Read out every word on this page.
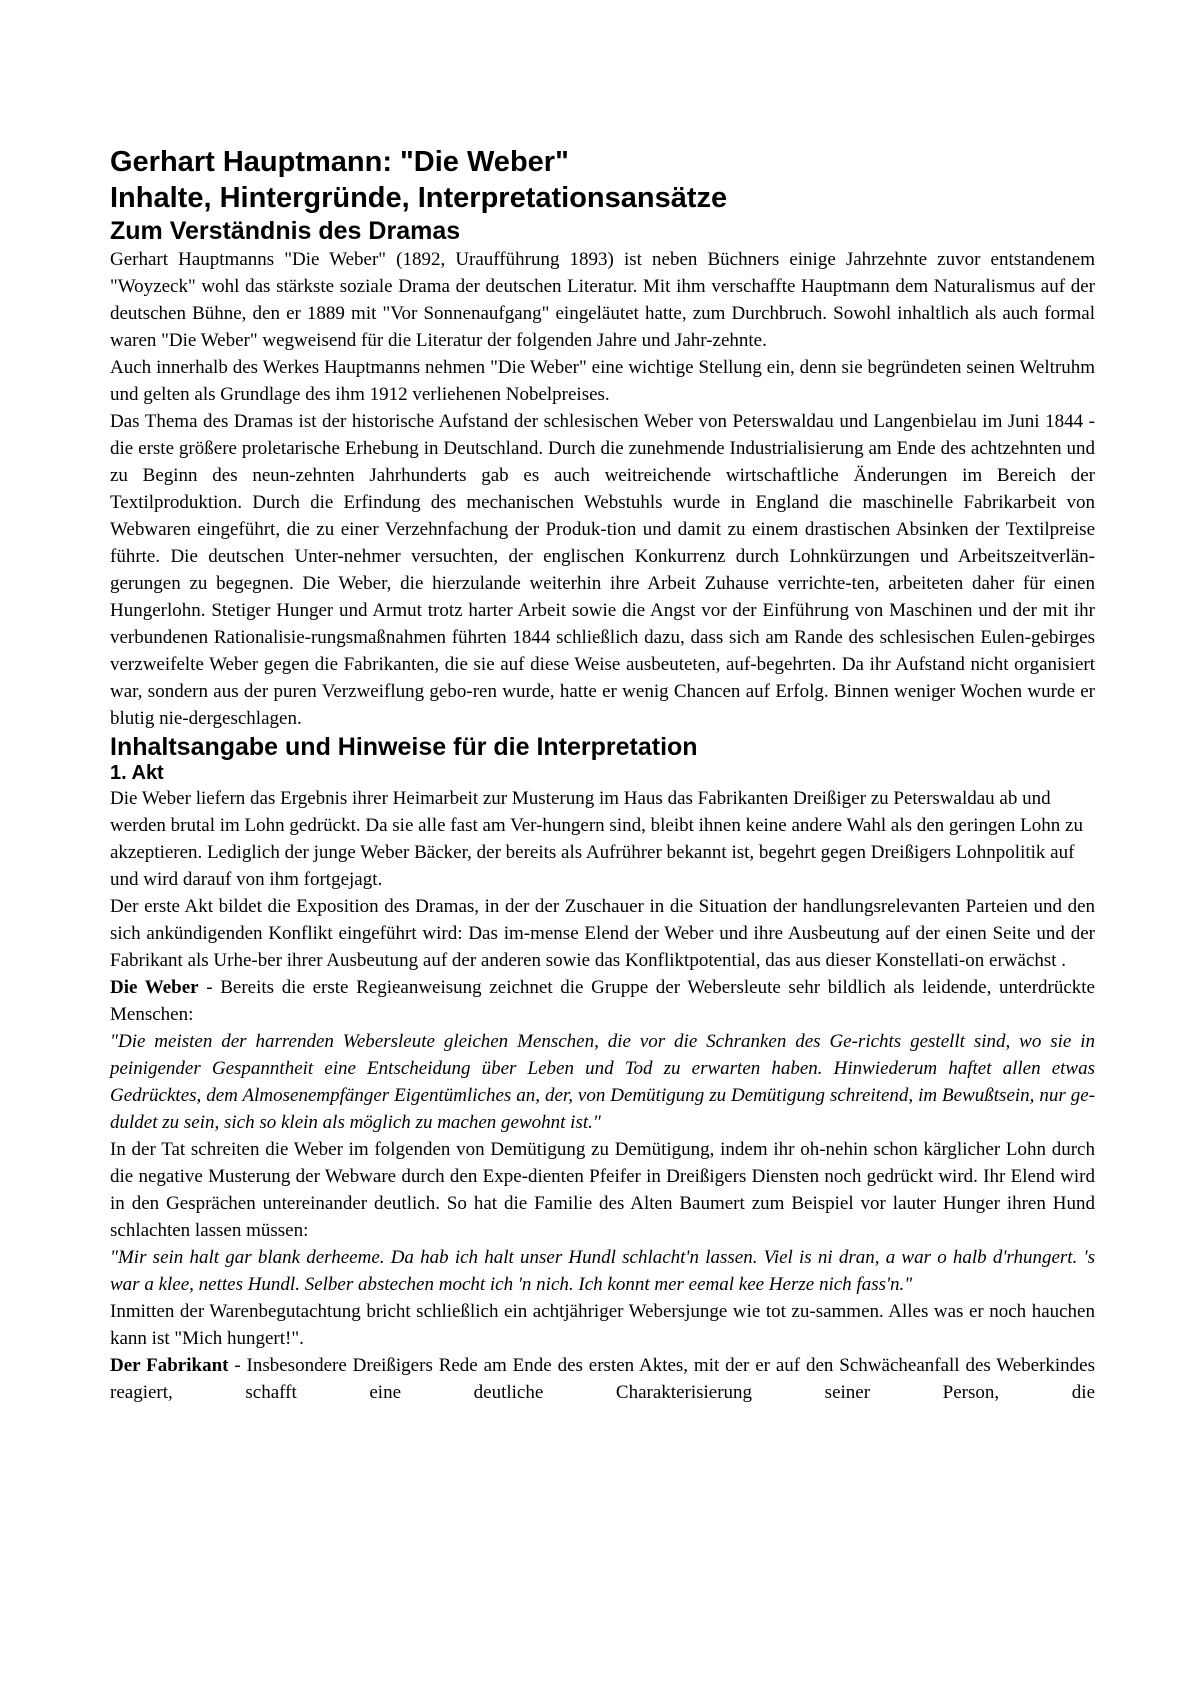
Gerhart Hauptmann: "Die Weber"
Inhalte, Hintergründe, Interpretationsansätze
Zum Verständnis des Dramas

Gerhart Hauptmanns "Die Weber" (1892, Uraufführung 1893) ist neben Büchners einige Jahrzehnte zuvor entstandenem "Woyzeck" wohl das stärkste soziale Drama der deutschen Literatur. Mit ihm verschaffte Hauptmann dem Naturalismus auf der deutschen Bühne, den er 1889 mit "Vor Sonnenaufgang" eingeläutet hatte, zum Durchbruch. Sowohl inhaltlich als auch formal waren "Die Weber" wegweisend für die Literatur der folgenden Jahre und Jahr-zehnte.

Auch innerhalb des Werkes Hauptmanns nehmen "Die Weber" eine wichtige Stellung ein, denn sie begründeten seinen Weltruhm und gelten als Grundlage des ihm 1912 verliehenen Nobelpreises.

Das Thema des Dramas ist der historische Aufstand der schlesischen Weber von Peterswaldau und Langenbielau im Juni 1844 - die erste größere proletarische Erhebung in Deutschland. Durch die zunehmende Industrialisierung am Ende des achtzehnten und zu Beginn des neun-zehnten Jahrhunderts gab es auch weitreichende wirtschaftliche Änderungen im Bereich der Textilproduktion. Durch die Erfindung des mechanischen Webstuhls wurde in England die maschinelle Fabrikarbeit von Webwaren eingeführt, die zu einer Verzehnfachung der Produk-tion und damit zu einem drastischen Absinken der Textilpreise führte. Die deutschen Unter-nehmer versuchten, der englischen Konkurrenz durch Lohnkürzungen und Arbeitszeitverlän-gerungen zu begegnen. Die Weber, die hierzulande weiterhin ihre Arbeit Zuhause verrichte-ten, arbeiteten daher für einen Hungerlohn. Stetiger Hunger und Armut trotz harter Arbeit sowie die Angst vor der Einführung von Maschinen und der mit ihr verbundenen Rationalisie-rungsmaßnahmen führten 1844 schließlich dazu, dass sich am Rande des schlesischen Eulen-gebirges verzweifelte Weber gegen die Fabrikanten, die sie auf diese Weise ausbeuteten, auf-begehrten. Da ihr Aufstand nicht organisiert war, sondern aus der puren Verzweiflung gebo-ren wurde, hatte er wenig Chancen auf Erfolg. Binnen weniger Wochen wurde er blutig nie-dergeschlagen.

Inhaltsangabe und Hinweise für die Interpretation
1. Akt

Die Weber liefern das Ergebnis ihrer Heimarbeit zur Musterung im Haus das Fabrikanten Dreißiger zu Peterswaldau ab und werden brutal im Lohn gedrückt. Da sie alle fast am Ver-hungern sind, bleibt ihnen keine andere Wahl als den geringen Lohn zu akzeptieren. Lediglich der junge Weber Bäcker, der bereits als Aufrührer bekannt ist, begehrt gegen Dreißigers Lohnpolitik auf und wird darauf von ihm fortgejagt.

Der erste Akt bildet die Exposition des Dramas, in der der Zuschauer in die Situation der handlungsrelevanten Parteien und den sich ankündigenden Konflikt eingeführt wird: Das im-mense Elend der Weber und ihre Ausbeutung auf der einen Seite und der Fabrikant als Urhe-ber ihrer Ausbeutung auf der anderen sowie das Konfliktpotential, das aus dieser Konstellati-on erwächst .

Die Weber - Bereits die erste Regieanweisung zeichnet die Gruppe der Webersleute sehr bildlich als leidende, unterdrückte Menschen:

"Die meisten der harrenden Webersleute gleichen Menschen, die vor die Schranken des Ge-richts gestellt sind, wo sie in peinigender Gespanntheit eine Entscheidung über Leben und Tod zu erwarten haben. Hinwiederum haftet allen etwas Gedrücktes, dem Almosenempfänger Eigentümliches an, der, von Demütigung zu Demütigung schreitend, im Bewußtsein, nur ge-duldet zu sein, sich so klein als möglich zu machen gewohnt ist."

In der Tat schreiten die Weber im folgenden von Demütigung zu Demütigung, indem ihr oh-nehin schon kärglicher Lohn durch die negative Musterung der Webware durch den Expe-dienten Pfeifer in Dreißigers Diensten noch gedrückt wird. Ihr Elend wird in den Gesprächen untereinander deutlich. So hat die Familie des Alten Baumert zum Beispiel vor lauter Hunger ihren Hund schlachten lassen müssen:

"Mir sein halt gar blank derheeme. Da hab ich halt unser Hundl schlacht'n lassen. Viel is ni dran, a war o halb d'rhungert. 's war a klee, nettes Hundl. Selber abstechen mocht ich 'n nich. Ich konnt mer eemal kee Herze nich fass'n."

Inmitten der Warenbegutachtung bricht schließlich ein achtjähriger Webersjunge wie tot zu-sammen. Alles was er noch hauchen kann ist "Mich hungert!".

Der Fabrikant - Insbesondere Dreißigers Rede am Ende des ersten Aktes, mit der er auf den Schwächeanfall des Weberkindes reagiert, schafft eine deutliche Charakterisierung seiner Person, die
